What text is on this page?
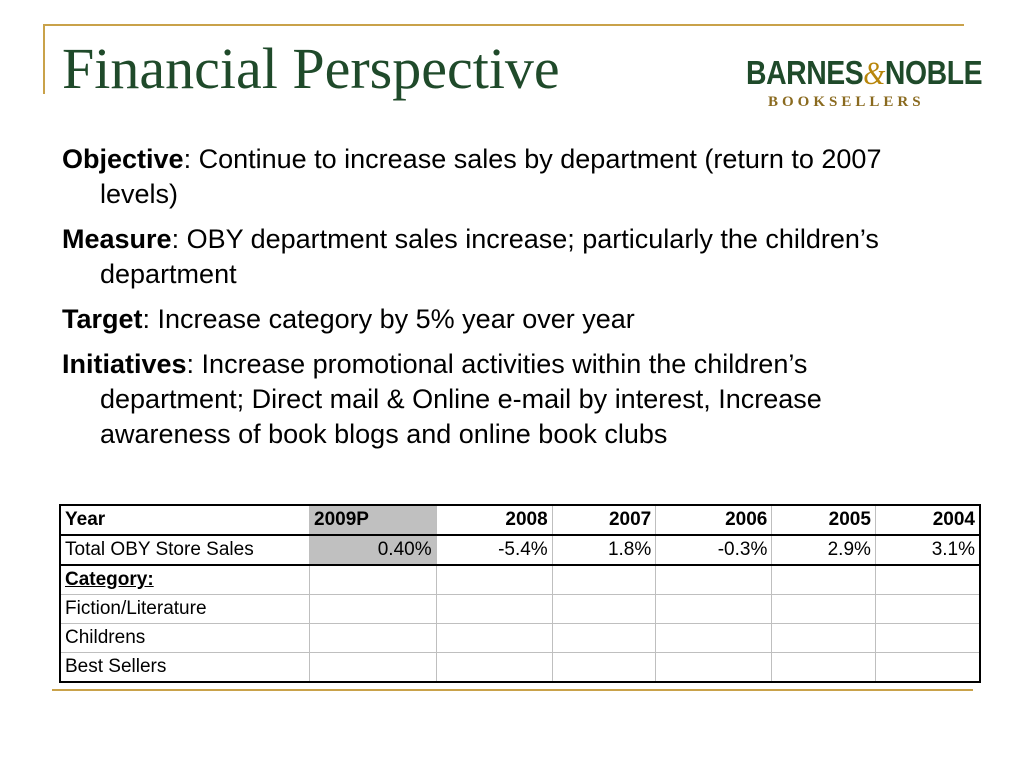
Financial Perspective	BARNES&NOBLE
BOOKSELLERS
Objective: Continue to increase sales by department (return to 2007 levels)
Measure: OBY department sales increase; particularly the children’s department
Target: Increase category by 5% year over year
Initiatives: Increase promotional activities within the children’s department; Direct mail & Online e-mail by interest, Increase awareness of book blogs and online book clubs
Year	2009P	2008	2007	2006	2005	2004
Total OBY Store Sales	0.40%	-5.4%	1.8%	-0.3%	2.9%	3.1%
Category:						
Fiction/Literature						
Childrens						
Best Sellers						
